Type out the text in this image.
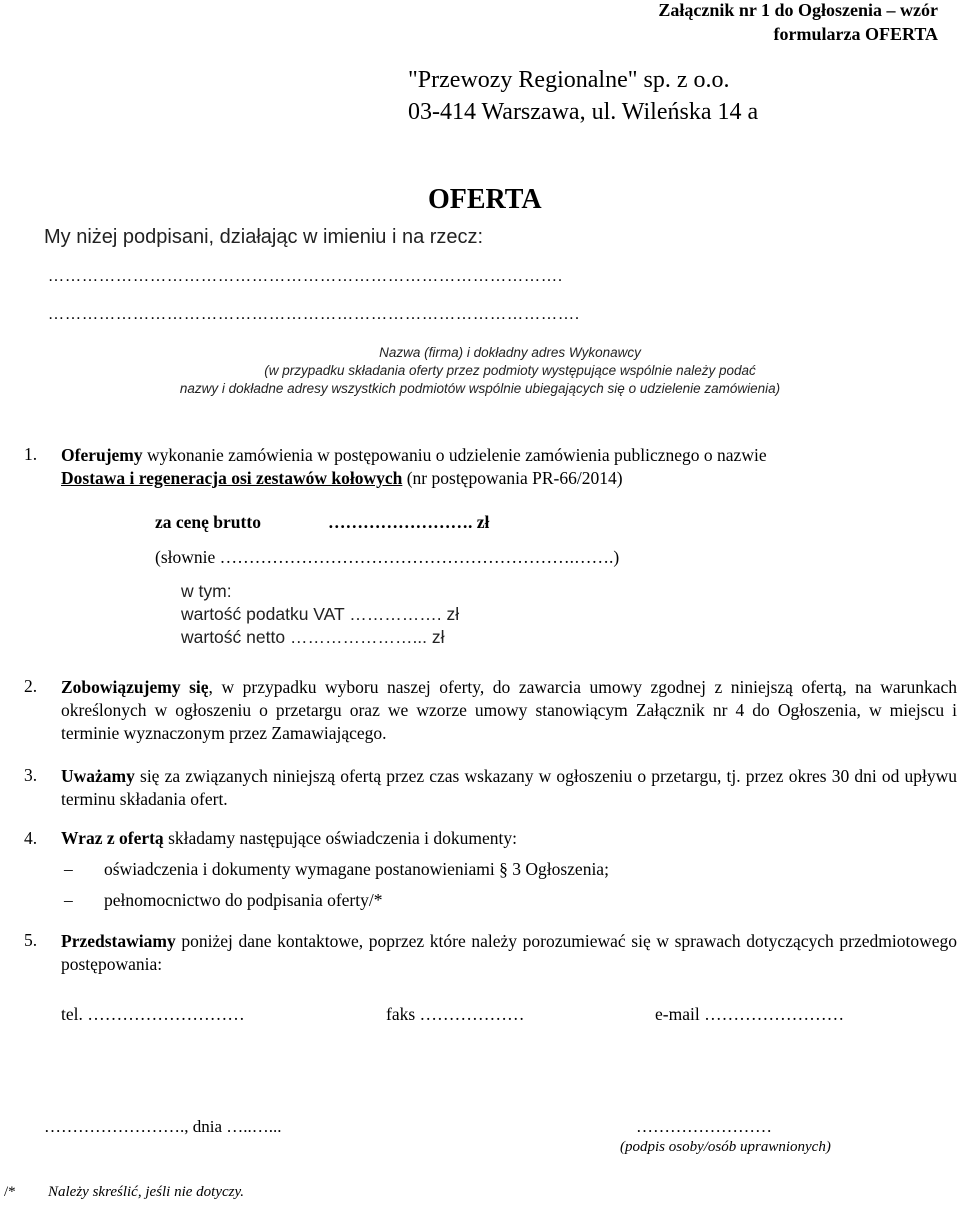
Załącznik nr 1 do Ogłoszenia – wzór
formularza OFERTA
"Przewozy Regionalne" sp. z o.o.
03-414 Warszawa, ul. Wileńska 14 a
OFERTA
My niżej podpisani, działając w imieniu i na rzecz:
……………………………………………………………………………….
………………………………………………………………………………….
Nazwa (firma) i dokładny adres Wykonawcy
(w przypadku składania oferty przez podmioty występujące wspólnie należy podać
nazwy i dokładne adresy wszystkich podmiotów wspólnie ubiegających się o udzielenie zamówienia)
1. Oferujemy wykonanie zamówienia w postępowaniu o udzielenie zamówienia publicznego o nazwie
Dostawa i regeneracja osi zestawów kołowych (nr postępowania PR-66/2014)
za cenę brutto	……………………. zł
(słownie …………………………………………………….…….)
w tym:
wartość podatku VAT ……………. zł
wartość netto …………………... zł
2. Zobowiązujemy się, w przypadku wyboru naszej oferty, do zawarcia umowy zgodnej z niniejszą ofertą, na warunkach określonych w ogłoszeniu o przetargu oraz we wzorze umowy stanowiącym Załącznik nr 4 do Ogłoszenia, w miejscu i terminie wyznaczonym przez Zamawiającego.
3. Uważamy się za związanych niniejszą ofertą przez czas wskazany w ogłoszeniu o przetargu, tj. przez okres 30 dni od upływu terminu składania ofert.
4. Wraz z ofertą składamy następujące oświadczenia i dokumenty:
– oświadczenia i dokumenty wymagane postanowieniami § 3 Ogłoszenia;
– pełnomocnictwo do podpisania oferty/*
5. Przedstawiamy poniżej dane kontaktowe, poprzez które należy porozumiewać się w sprawach dotyczących przedmiotowego postępowania:
tel. ………………………	faks ………………	e-mail ……………………
……………………., dnia …..…...	……………………
(podpis osoby/osób uprawnionych)
/* Należy skreślić, jeśli nie dotyczy.
